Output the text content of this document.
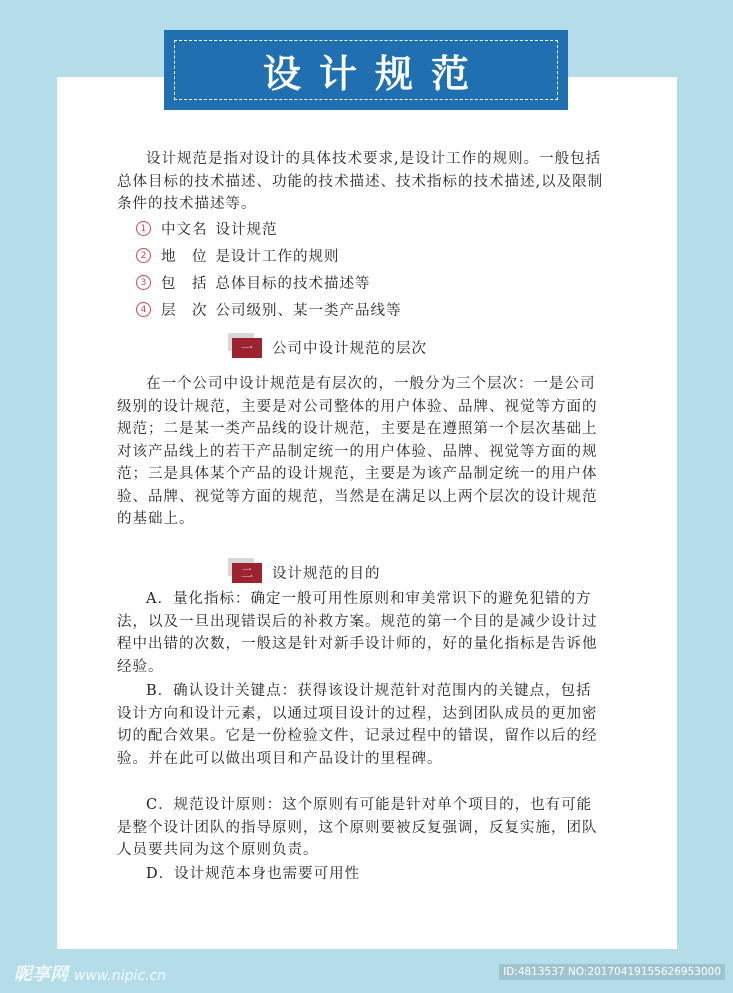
设计规范

设计规范是指对设计的具体技术要求,是设计工作的规则。一般包括总体目标的技术描述、功能的技术描述、技术指标的技术描述,以及限制条件的技术描述等。

1	中文名 设计规范
2	地　位 是设计工作的规则
3	包　括 总体目标的技术描述等
4	层　次 公司级别、某一类产品线等
一	公司中设计规范的层次

在一个公司中设计规范是有层次的，一般分为三个层次：一是公司级别的设计规范，主要是对公司整体的用户体验、品牌、视觉等方面的规范；二是某一类产品线的设计规范，主要是在遵照第一个层次基础上对该产品线上的若干产品制定统一的用户体验、品牌、视觉等方面的规范；三是具体某个产品的设计规范，主要是为该产品制定统一的用户体验、品牌、视觉等方面的规范，当然是在满足以上两个层次的设计规范的基础上。

二	设计规范的目的

A．量化指标：确定一般可用性原则和审美常识下的避免犯错的方法，以及一旦出现错误后的补救方案。规范的第一个目的是减少设计过程中出错的次数，一般这是针对新手设计师的，好的量化指标是告诉他经验。

B．确认设计关键点：获得该设计规范针对范围内的关键点，包括设计方向和设计元素，以通过项目设计的过程，达到团队成员的更加密切的配合效果。它是一份检验文件，记录过程中的错误，留作以后的经验。并在此可以做出项目和产品设计的里程碑。

C．规范设计原则：这个原则有可能是针对单个项目的，也有可能是整个设计团队的指导原则，这个原则要被反复强调，反复实施，团队人员要共同为这个原则负责。

D．设计规范本身也需要可用性

昵享网 www.nipic.cn	ID:4813537 NO:20170419155626953000
